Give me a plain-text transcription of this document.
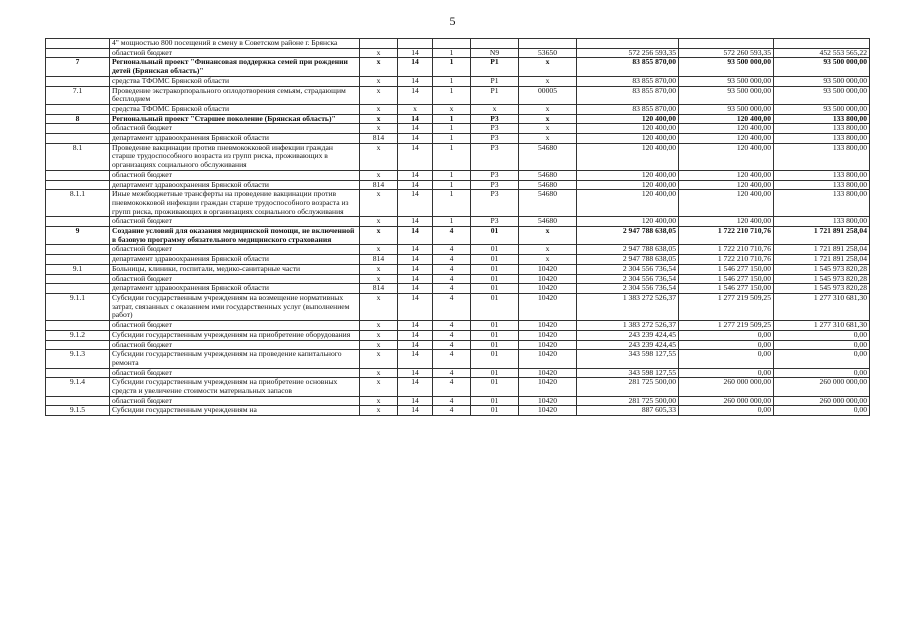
5
	4" мощностью 800 посещений в смену в Советском районе г. Брянска								
	областной бюджет	x	14	1	N9	53650	572 256 593,35	572 260 593,35	452 553 565,22
7	Региональный проект "Финансовая поддержка семей при рождении детей (Брянская область)"	x	14	1	P1	x	83 855 870,00	93 500 000,00	93 500 000,00
	средства ТФОМС Брянской области	x	14	1	P1	x	83 855 870,00	93 500 000,00	93 500 000,00
7.1	Проведение экстракорпорального оплодотворения семьям, страдающим бесплодием	x	14	1	P1	00005	83 855 870,00	93 500 000,00	93 500 000,00
	средства ТФОМС Брянской области	x	x	x	x	x	83 855 870,00	93 500 000,00	93 500 000,00
8	Региональный проект "Старшее поколение (Брянская область)"	x	14	1	P3	x	120 400,00	120 400,00	133 800,00
	областной бюджет	x	14	1	P3	x	120 400,00	120 400,00	133 800,00
	департамент здравоохранения Брянской области	814	14	1	P3	x	120 400,00	120 400,00	133 800,00
8.1	Проведение вакцинации против пневмококковой инфекции граждан старше трудоспособного возраста из групп риска, проживающих в организациях социального обслуживания	x	14	1	P3	54680	120 400,00	120 400,00	133 800,00
	областной бюджет	x	14	1	P3	54680	120 400,00	120 400,00	133 800,00
	департамент здравоохранения Брянской области	814	14	1	P3	54680	120 400,00	120 400,00	133 800,00
8.1.1	Иные межбюджетные трансферты на проведение вакцинации против пневмококковой инфекции граждан старше трудоспособного возраста из групп риска, проживающих в организациях социального обслуживания	x	14	1	P3	54680	120 400,00	120 400,00	133 800,00
	областной бюджет	x	14	1	P3	54680	120 400,00	120 400,00	133 800,00
9	Создание условий для оказания медицинской помощи, не включенной в базовую программу обязательного медицинского страхования	x	14	4	01	x	2 947 788 638,05	1 722 210 710,76	1 721 891 258,04
	областной бюджет	x	14	4	01	x	2 947 788 638,05	1 722 210 710,76	1 721 891 258,04
	департамент здравоохранения Брянской области	814	14	4	01	x	2 947 788 638,05	1 722 210 710,76	1 721 891 258,04
9.1	Больницы, клиники, госпитали, медико-санитарные части	x	14	4	01	10420	2 304 556 736,54	1 546 277 150,00	1 545 973 820,28
	областной бюджет	x	14	4	01	10420	2 304 556 736,54	1 546 277 150,00	1 545 973 820,28
	департамент здравоохранения Брянской области	814	14	4	01	10420	2 304 556 736,54	1 546 277 150,00	1 545 973 820,28
9.1.1	Субсидии государственным учреждениям на возмещение нормативных затрат, связанных с оказанием ими государственных услуг (выполнением работ)	x	14	4	01	10420	1 383 272 526,37	1 277 219 509,25	1 277 310 681,30
	областной бюджет	x	14	4	01	10420	1 383 272 526,37	1 277 219 509,25	1 277 310 681,30
9.1.2	Субсидии государственным учреждениям на приобретение оборудования	x	14	4	01	10420	243 239 424,45	0,00	0,00
	областной бюджет	x	14	4	01	10420	243 239 424,45	0,00	0,00
9.1.3	Субсидии государственным учреждениям на проведение капитального ремонта	x	14	4	01	10420	343 598 127,55	0,00	0,00
	областной бюджет	x	14	4	01	10420	343 598 127,55	0,00	0,00
9.1.4	Субсидии государственным учреждениям на приобретение основных средств и увеличение стоимости материальных запасов	x	14	4	01	10420	281 725 500,00	260 000 000,00	260 000 000,00
	областной бюджет	x	14	4	01	10420	281 725 500,00	260 000 000,00	260 000 000,00
9.1.5	Субсидии государственным учреждениям на	x	14	4	01	10420	887 605,33	0,00	0,00
